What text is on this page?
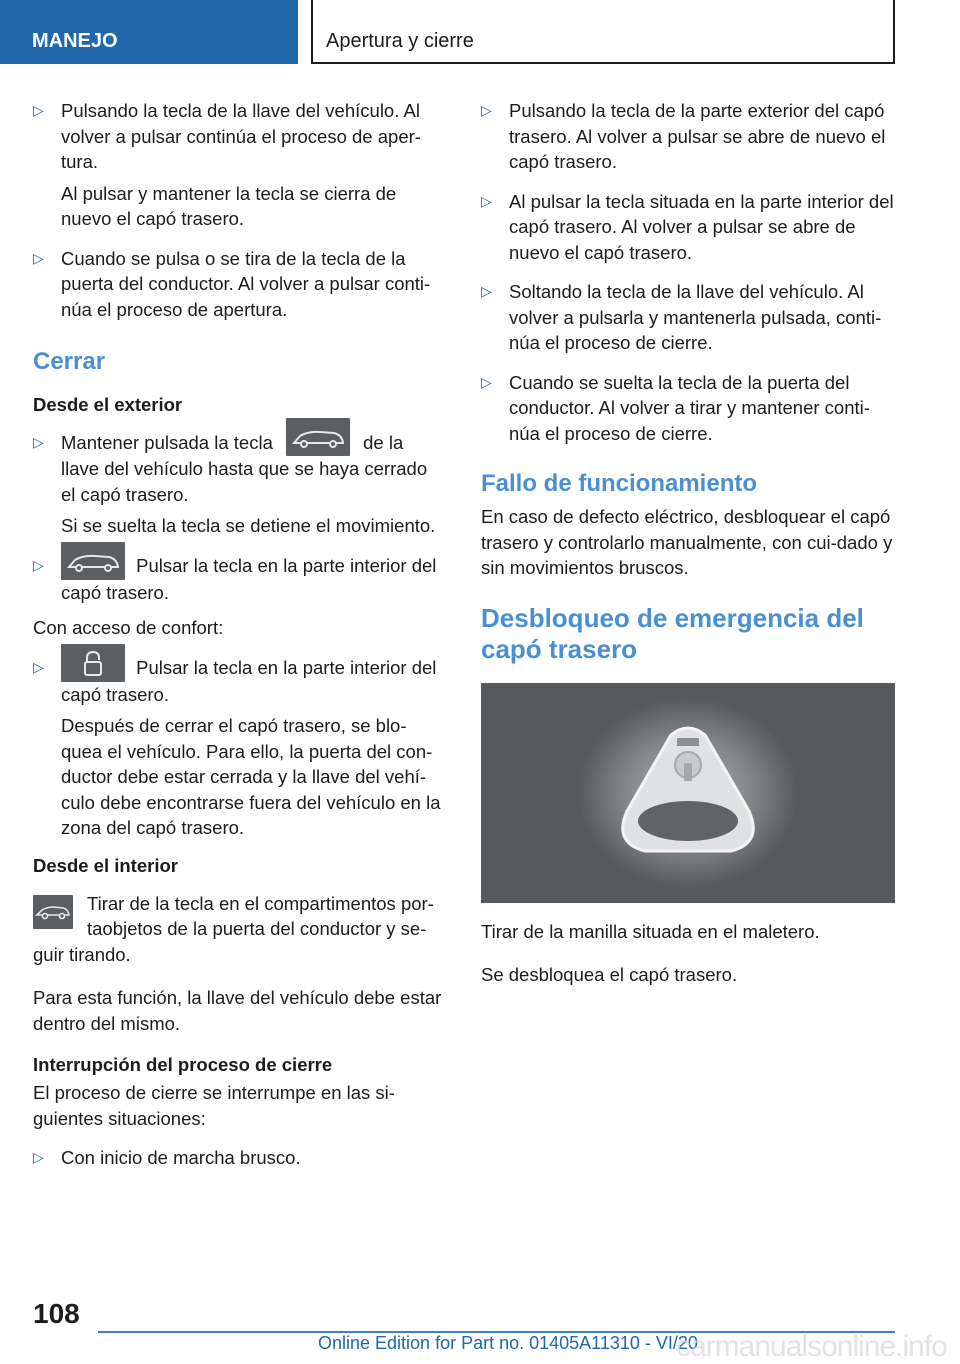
MANEJO	Apertura y cierre
▷ Pulsando la tecla de la llave del vehículo. Al volver a pulsar continúa el proceso de aper-tura.
Al pulsar y mantener la tecla se cierra de nuevo el capó trasero.
▷ Cuando se pulsa o se tira de la tecla de la puerta del conductor. Al volver a pulsar conti-núa el proceso de apertura.
Cerrar
Desde el exterior
▷ Mantener pulsada la tecla	de la llave del vehículo hasta que se haya cerrado el capó trasero.
Si se suelta la tecla se detiene el movimiento.
▷	Pulsar la tecla en la parte interior del capó trasero.
Con acceso de confort:
▷	Pulsar la tecla en la parte interior del capó trasero.
Después de cerrar el capó trasero, se blo-quea el vehículo. Para ello, la puerta del con-ductor debe estar cerrada y la llave del vehí-culo debe encontrarse fuera del vehículo en la zona del capó trasero.
Desde el interior
Tirar de la tecla en el compartimentos por-taobjetos de la puerta del conductor y se-guir tirando.
Para esta función, la llave del vehículo debe estar dentro del mismo.
Interrupción del proceso de cierre
El proceso de cierre se interrumpe en las si-guientes situaciones:
▷ Con inicio de marcha brusco.
▷ Pulsando la tecla de la parte exterior del capó trasero. Al volver a pulsar se abre de nuevo el capó trasero.
▷ Al pulsar la tecla situada en la parte interior del capó trasero. Al volver a pulsar se abre de nuevo el capó trasero.
▷ Soltando la tecla de la llave del vehículo. Al volver a pulsarla y mantenerla pulsada, conti-núa el proceso de cierre.
▷ Cuando se suelta la tecla de la puerta del conductor. Al volver a tirar y mantener conti-núa el proceso de cierre.
Fallo de funcionamiento
En caso de defecto eléctrico, desbloquear el capó trasero y controlarlo manualmente, con cui-dado y sin movimientos bruscos.
Desbloqueo de emergencia del capó trasero
Tirar de la manilla situada en el maletero.
Se desbloquea el capó trasero.
108
Online Edition for Part no. 01405A11310 - VI/20
carmanualsonline.info
